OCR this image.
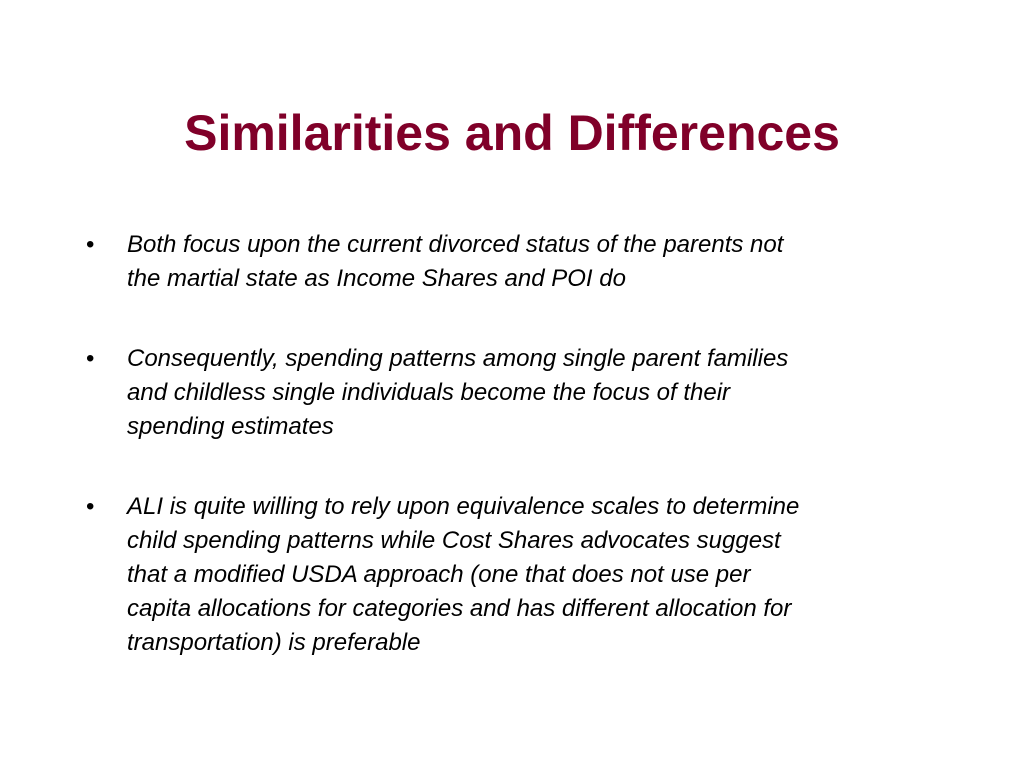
Similarities and Differences
•	Both focus upon the current divorced status of the parents not
the martial state as Income Shares and POI do
•	Consequently, spending patterns among single parent families
and childless single individuals become the focus of their
spending estimates
•	ALI is quite willing to rely upon equivalence scales to determine
child spending patterns while Cost Shares advocates suggest
that a modified USDA approach (one that does not use per
capita allocations for categories and has different allocation for
transportation) is preferable
